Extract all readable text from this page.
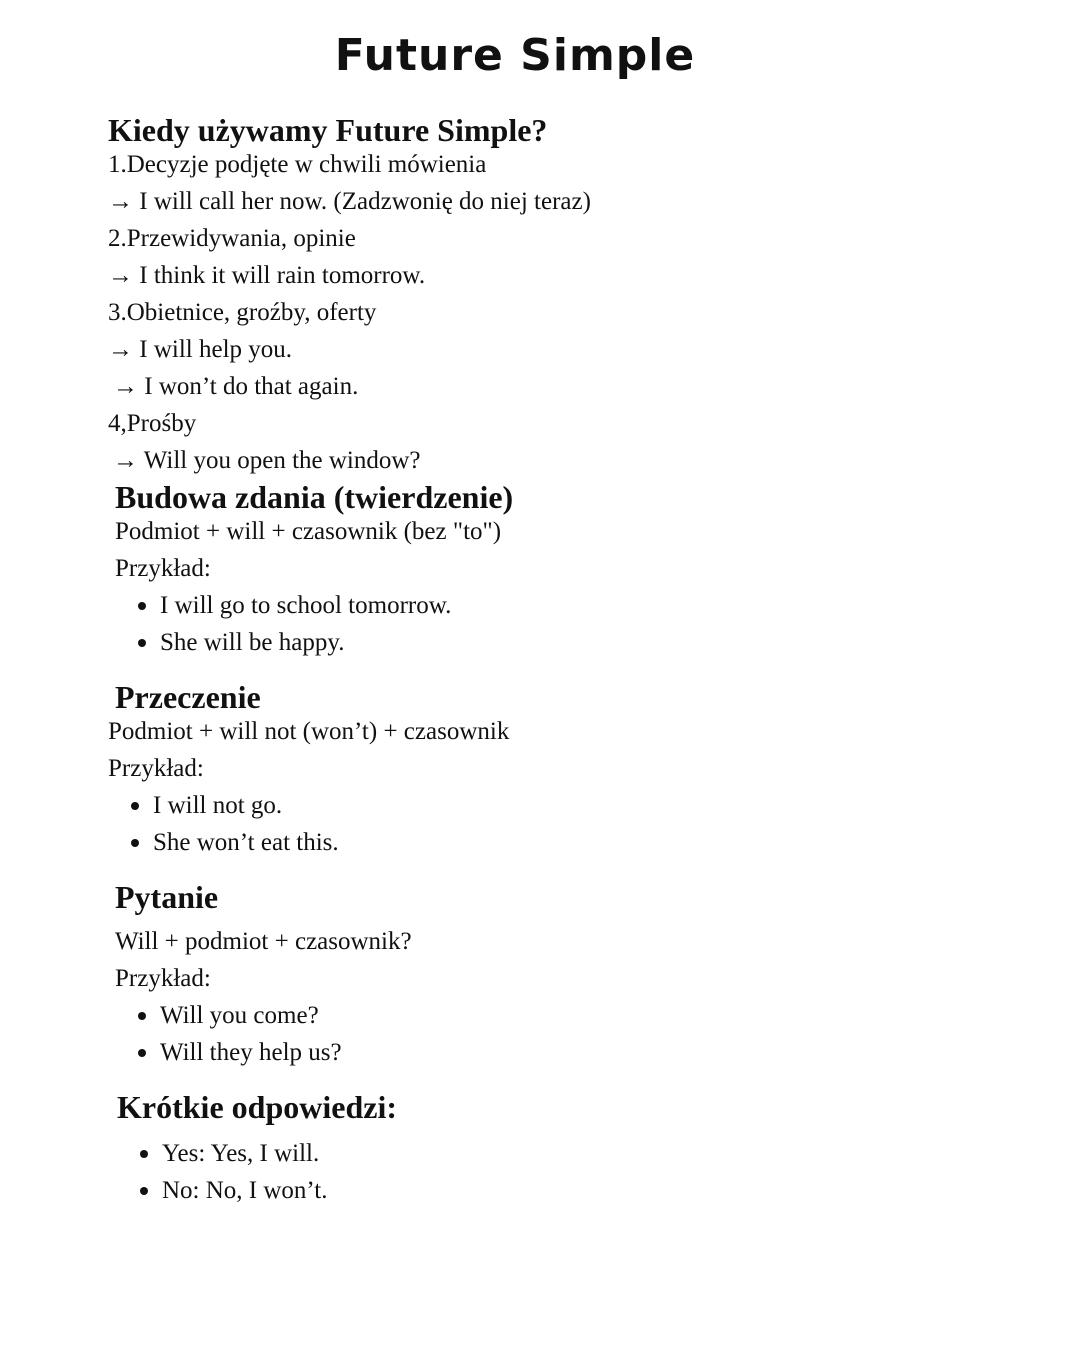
Future Simple
Kiedy używamy Future Simple?

1.Decyzje podjęte w chwili mówienia

→ I will call her now. (Zadzwonię do niej teraz)

2.Przewidywania, opinie

→ I think it will rain tomorrow.

3.Obietnice, groźby, oferty

→ I will help you.

→ I won’t do that again.

4,Prośby

→ Will you open the window?

Budowa zdania (twierdzenie)

Podmiot + will + czasownik (bez "to")

Przykład:

I will go to school tomorrow.
She will be happy.
Przeczenie

Podmiot + will not (won’t) + czasownik

Przykład:

I will not go.
She won’t eat this.
Pytanie

Will + podmiot + czasownik?

Przykład:

Will you come?
Will they help us?
Krótkie odpowiedzi:
Yes: Yes, I will.
No: No, I won’t.
